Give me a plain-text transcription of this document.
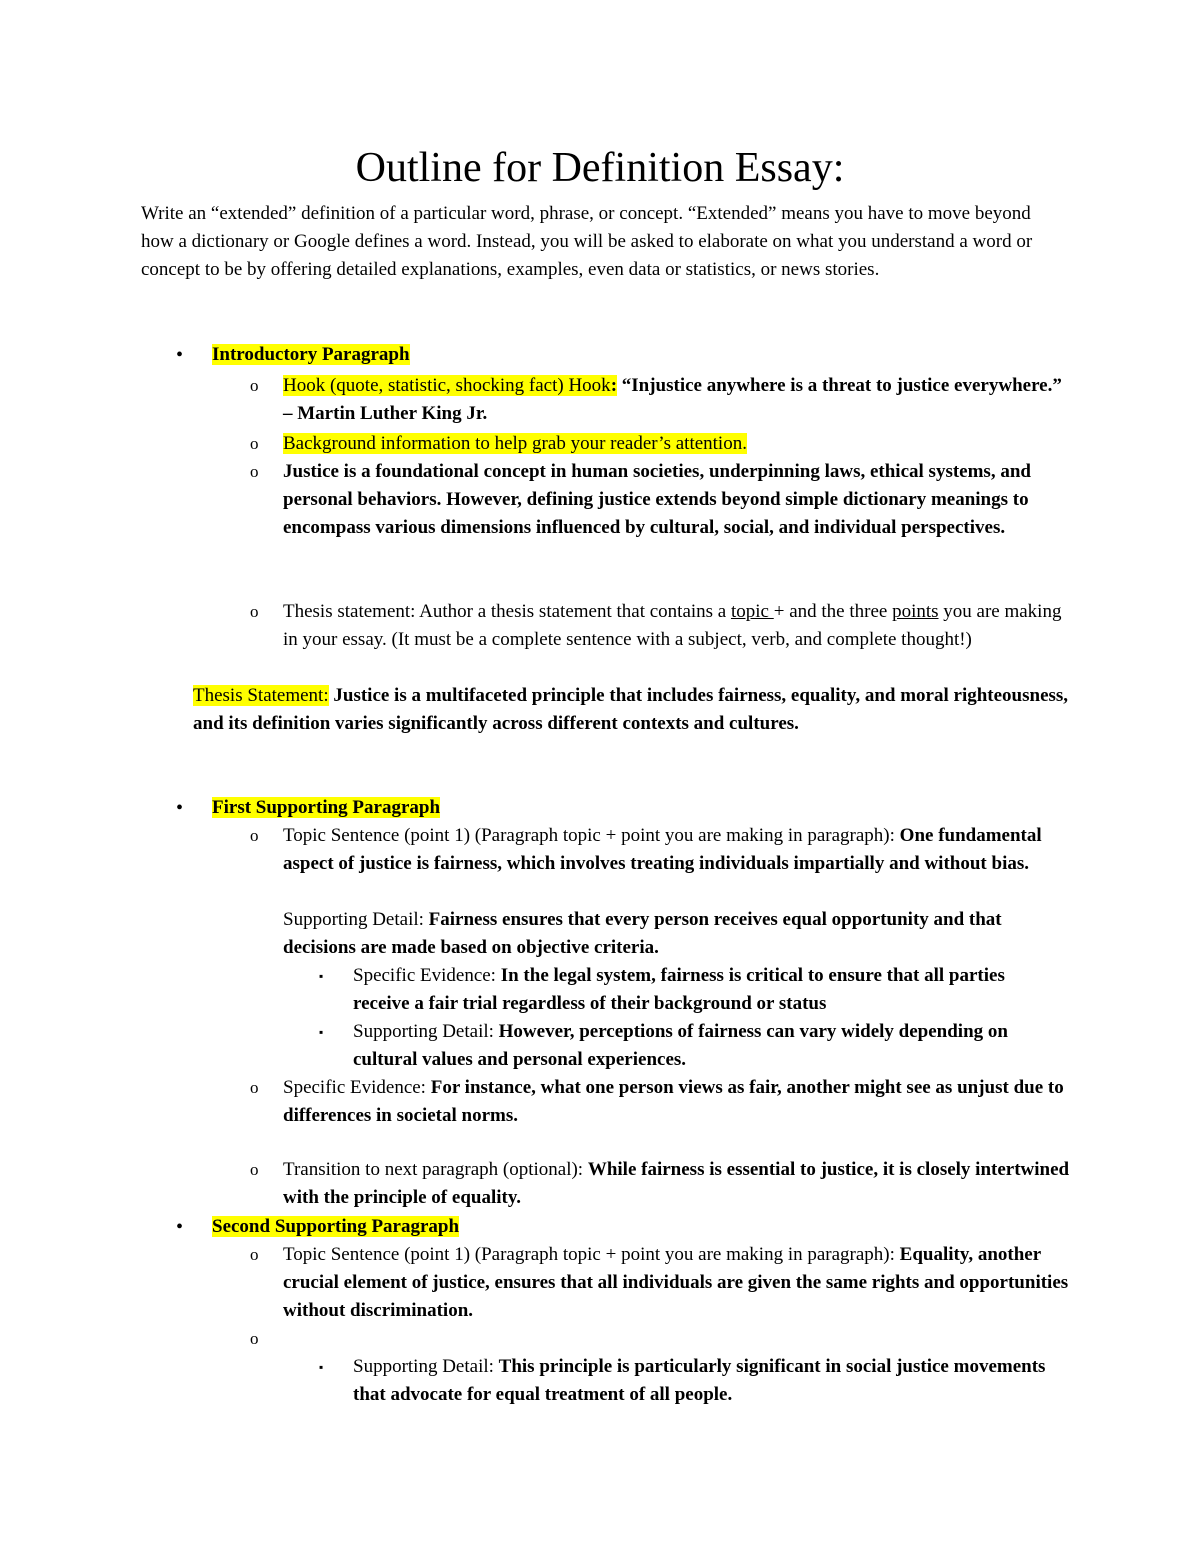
Outline for Definition Essay:
Write an “extended” definition of a particular word, phrase, or concept. “Extended” means you have to move beyond how a dictionary or Google defines a word. Instead, you will be asked to elaborate on what you understand a word or concept to be by offering detailed explanations, examples, even data or statistics, or news stories.
• Introductory Paragraph
o Hook (quote, statistic, shocking fact) Hook: “Injustice anywhere is a threat to justice everywhere.” – Martin Luther King Jr.
o Background information to help grab your reader’s attention.
o Justice is a foundational concept in human societies, underpinning laws, ethical systems, and personal behaviors. However, defining justice extends beyond simple dictionary meanings to encompass various dimensions influenced by cultural, social, and individual perspectives.
o Thesis statement: Author a thesis statement that contains a topic + and the three points you are making in your essay. (It must be a complete sentence with a subject, verb, and complete thought!)
Thesis Statement: Justice is a multifaceted principle that includes fairness, equality, and moral righteousness, and its definition varies significantly across different contexts and cultures.
• First Supporting Paragraph
o Topic Sentence (point 1) (Paragraph topic + point you are making in paragraph): One fundamental aspect of justice is fairness, which involves treating individuals impartially and without bias.
Supporting Detail: Fairness ensures that every person receives equal opportunity and that decisions are made based on objective criteria.
▪ Specific Evidence: In the legal system, fairness is critical to ensure that all parties receive a fair trial regardless of their background or status
▪ Supporting Detail: However, perceptions of fairness can vary widely depending on cultural values and personal experiences.
o Specific Evidence: For instance, what one person views as fair, another might see as unjust due to differences in societal norms.
o Transition to next paragraph (optional): While fairness is essential to justice, it is closely intertwined with the principle of equality.
• Second Supporting Paragraph
o Topic Sentence (point 1) (Paragraph topic + point you are making in paragraph): Equality, another crucial element of justice, ensures that all individuals are given the same rights and opportunities without discrimination.
o
▪ Supporting Detail: This principle is particularly significant in social justice movements that advocate for equal treatment of all people.
